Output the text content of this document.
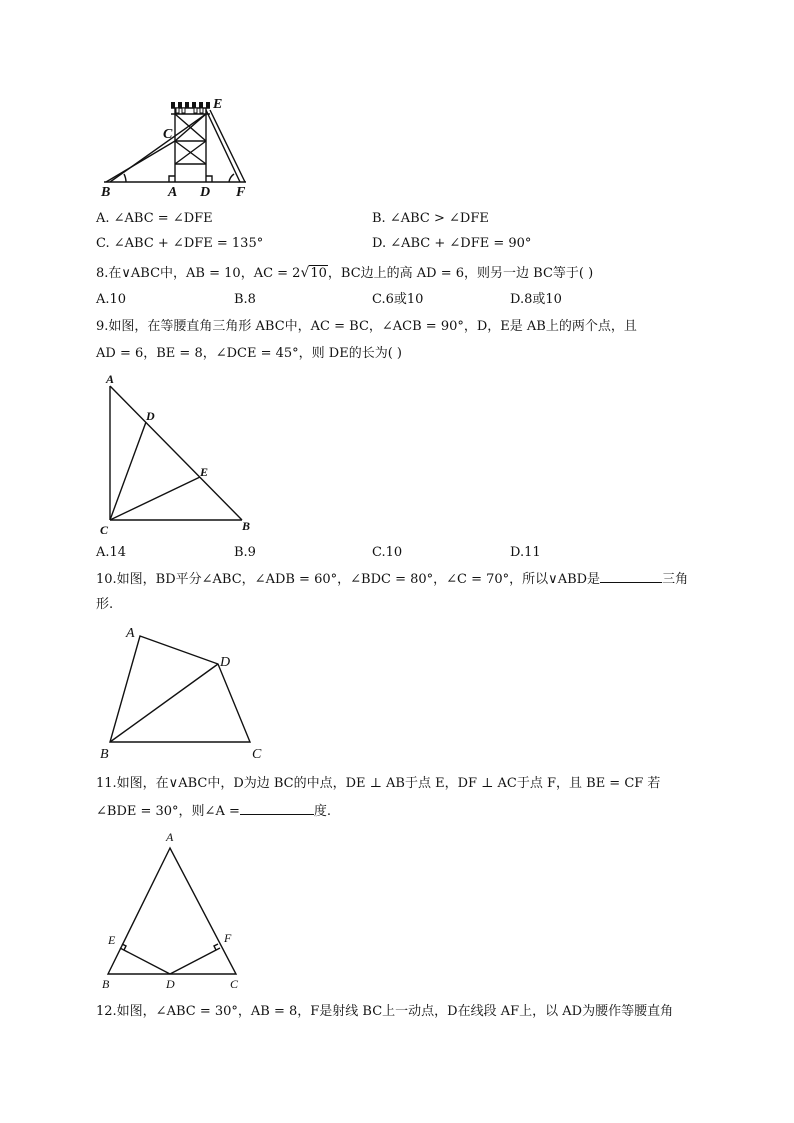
E
C
B	A D F
A. ∠ABC = ∠DFE	B. ∠ABC > ∠DFE
C. ∠ABC + ∠DFE = 135°	D. ∠ABC + ∠DFE = 90°
8.在∨ABC中，AB = 10，AC = 2√10，BC边上的高 AD = 6，则另一边 BC等于( )
A.10	B.8	C.6或10	D.8或10
9.如图，在等腰直角三角形 ABC中，AC = BC，∠ACB = 90°，D，E是 AB上的两个点，且
AD = 6，BE = 8，∠DCE = 45°，则 DE的长为( )
A
D
E
C	B
A.14	B.9	C.10	D.11
10.如图，BD平分∠ABC，∠ADB = 60°，∠BDC = 80°，∠C = 70°，所以∨ABD是	三角
形.
A
D
B	C
11.如图，在∨ABC中，D为边 BC的中点，DE ⊥ AB于点 E，DF ⊥ AC于点 F，且 BE = CF 若
∠BDE = 30°，则∠A =	度.
A
E	F
B	D	C
12.如图，∠ABC = 30°，AB = 8，F是射线 BC上一动点，D在线段 AF上，以 AD为腰作等腰直角
